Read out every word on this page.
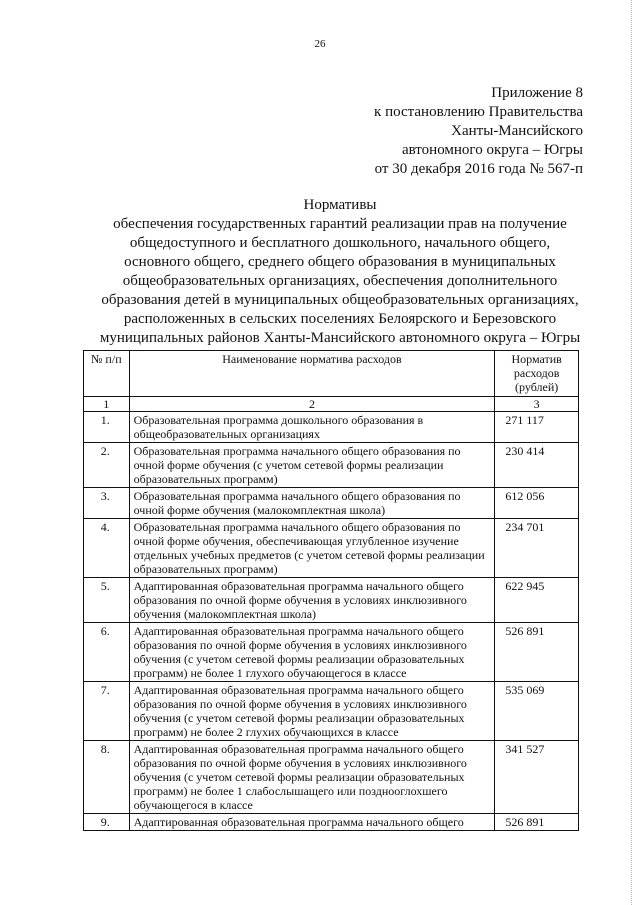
26
Приложение 8
к постановлению Правительства
Ханты-Мансийского
автономного округа – Югры
от 30 декабря 2016 года № 567-п
Нормативы
обеспечения государственных гарантий реализации прав на получение
общедоступного и бесплатного дошкольного, начального общего,
основного общего, среднего общего образования в муниципальных
общеобразовательных организациях, обеспечения дополнительного
образования детей в муниципальных общеобразовательных организациях,
расположенных в сельских поселениях Белоярского и Березовского
муниципальных районов Ханты-Мансийского автономного округа – Югры
№ п/п	Наименование норматива расходов	Норматив расходов (рублей)
1	2	3
1.	Образовательная программа дошкольного образования в общеобразовательных организациях	271 117
2.	Образовательная программа начального общего образования по очной форме обучения (с учетом сетевой формы реализации образовательных программ)	230 414
3.	Образовательная программа начального общего образования по очной форме обучения (малокомплектная школа)	612 056
4.	Образовательная программа начального общего образования по очной форме обучения, обеспечивающая углубленное изучение отдельных учебных предметов (с учетом сетевой формы реализации образовательных программ)	234 701
5.	Адаптированная образовательная программа начального общего образования по очной форме обучения в условиях инклюзивного обучения (малокомплектная школа)	622 945
6.	Адаптированная образовательная программа начального общего образования по очной форме обучения в условиях инклюзивного обучения (с учетом сетевой формы реализации образовательных программ) не более 1 глухого обучающегося в классе	526 891
7.	Адаптированная образовательная программа начального общего образования по очной форме обучения в условиях инклюзивного обучения (с учетом сетевой формы реализации образовательных программ) не более 2 глухих обучающихся в классе	535 069
8.	Адаптированная образовательная программа начального общего образования по очной форме обучения в условиях инклюзивного обучения (с учетом сетевой формы реализации образовательных программ) не более 1 слабослышащего или позднооглохшего обучающегося в классе	341 527
9.	Адаптированная образовательная программа начального общего	526 891
